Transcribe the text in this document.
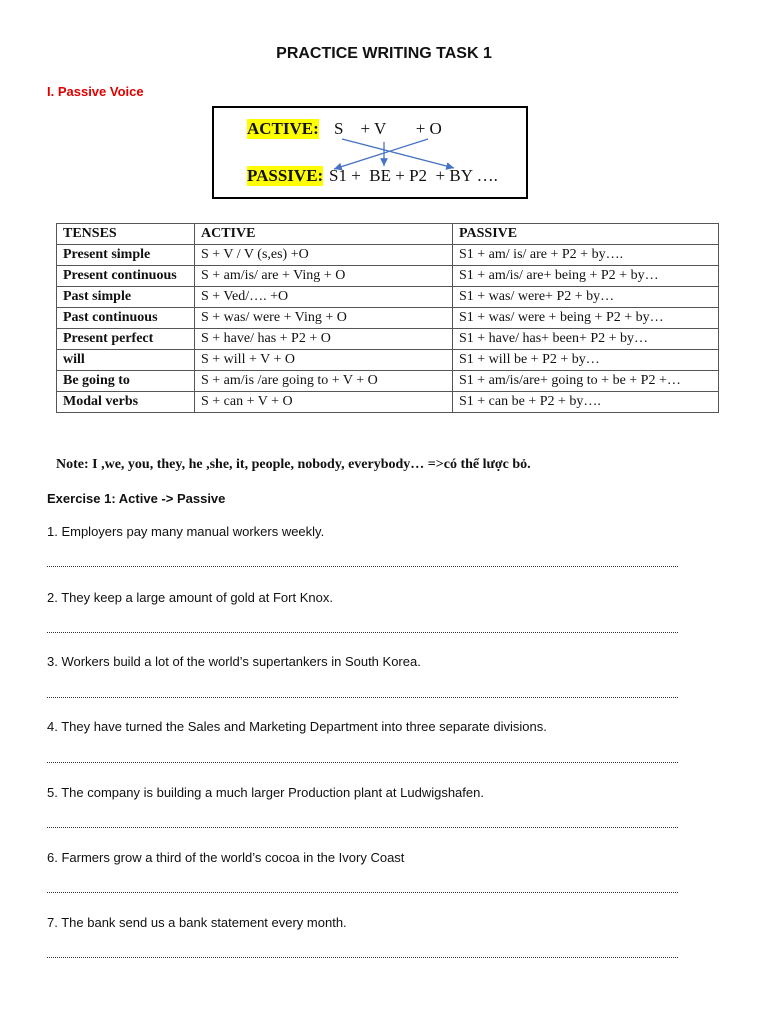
PRACTICE WRITING TASK 1
I. Passive Voice
ACTIVE: S    + V       + O
PASSIVE: S1 +  BE + P2  + BY ….
TENSES	ACTIVE	PASSIVE
Present simple	S + V / V (s,es) +O	S1 + am/ is/ are + P2 + by….
Present continuous	S + am/is/ are + Ving + O	S1 + am/is/ are+ being + P2 + by…
Past simple	S + Ved/…. +O	S1 + was/ were+ P2 + by…
Past continuous	S + was/ were + Ving + O	S1 + was/ were + being + P2 + by…
Present perfect	S + have/ has + P2 + O	S1 + have/ has+ been+ P2 + by…
will	S + will + V + O	S1 + will be + P2 + by…
Be going to	S + am/is /are going to + V + O	S1 + am/is/are+ going to + be + P2 +…
Modal verbs	S + can + V + O	S1 + can be + P2 + by….
Note: I ,we, you, they, he ,she, it, people, nobody, everybody… =>có thể lược bỏ.
Exercise 1: Active -> Passive
1. Employers pay many manual workers weekly.
2. They keep a large amount of gold at Fort Knox.
3. Workers build a lot of the world’s supertankers in South Korea.
4. They have turned the Sales and Marketing Department into three separate divisions.
5. The company is building a much larger Production plant at Ludwigshafen.
6. Farmers grow a third of the world’s cocoa in the Ivory Coast
7. The bank send us a bank statement every month.
